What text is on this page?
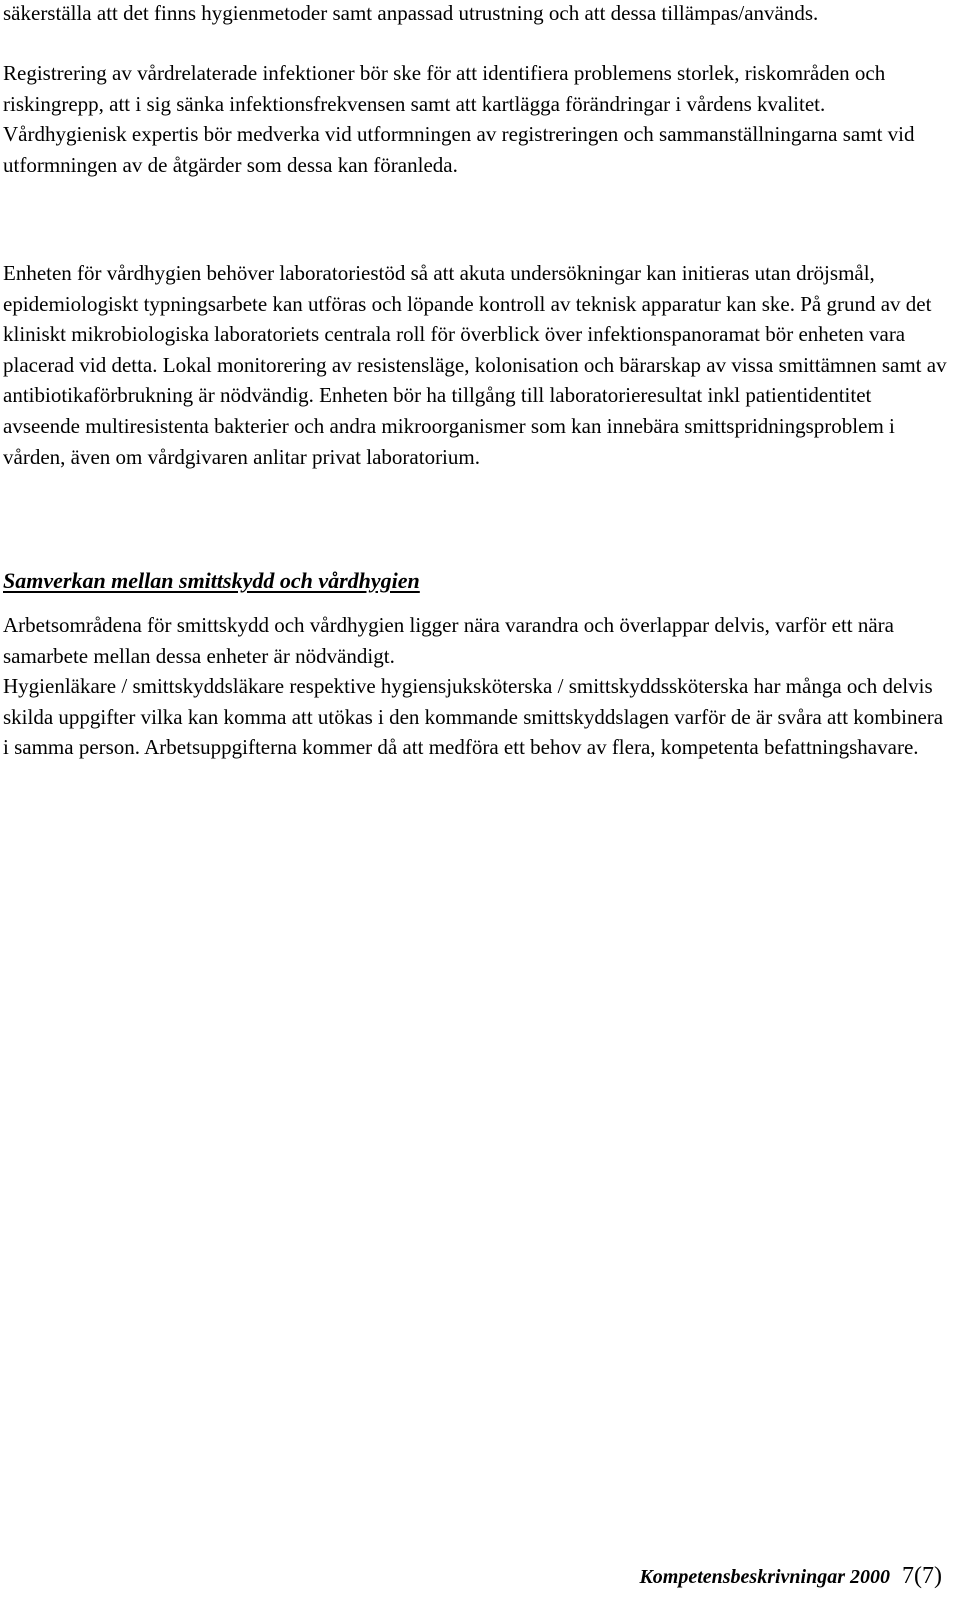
säkerställa att det finns hygienmetoder samt anpassad utrustning och att dessa tillämpas/används.

Registrering av vårdrelaterade infektioner bör ske för att identifiera problemens storlek, riskområden och riskingrepp, att i sig sänka infektionsfrekvensen samt att kartlägga förändringar i vårdens kvalitet. Vårdhygienisk expertis bör medverka vid utformningen av registreringen och sammanställningarna samt vid utformningen av de åtgärder som dessa kan föranleda.

Enheten för vårdhygien behöver laboratoriestöd så att akuta undersökningar kan initieras utan dröjsmål, epidemiologiskt typningsarbete kan utföras och löpande kontroll av teknisk apparatur kan ske. På grund av det kliniskt mikrobiologiska laboratoriets centrala roll för överblick över infektionspanoramat bör enheten vara placerad vid detta. Lokal monitorering av resistensläge, kolonisation och bärarskap av vissa smittämnen samt av antibiotikaförbrukning är nödvändig. Enheten bör ha tillgång till laboratorieresultat inkl patientidentitet avseende multiresistenta bakterier och andra mikroorganismer som kan innebära smittspridningsproblem i vården, även om vårdgivaren anlitar privat laboratorium.

Samverkan mellan smittskydd och vårdhygien

Arbetsområdena för smittskydd och vårdhygien ligger nära varandra och överlappar delvis, varför ett nära samarbete mellan dessa enheter är nödvändigt.

Hygienläkare / smittskyddsläkare respektive hygiensjuksköterska / smittskyddssköterska har många och delvis skilda uppgifter vilka kan komma att utökas i den kommande smittskyddslagen varför de är svåra att kombinera i samma person. Arbetsuppgifterna kommer då att medföra ett behov av flera, kompetenta befattningshavare.

Kompetensbeskrivningar 2000 7(7)
